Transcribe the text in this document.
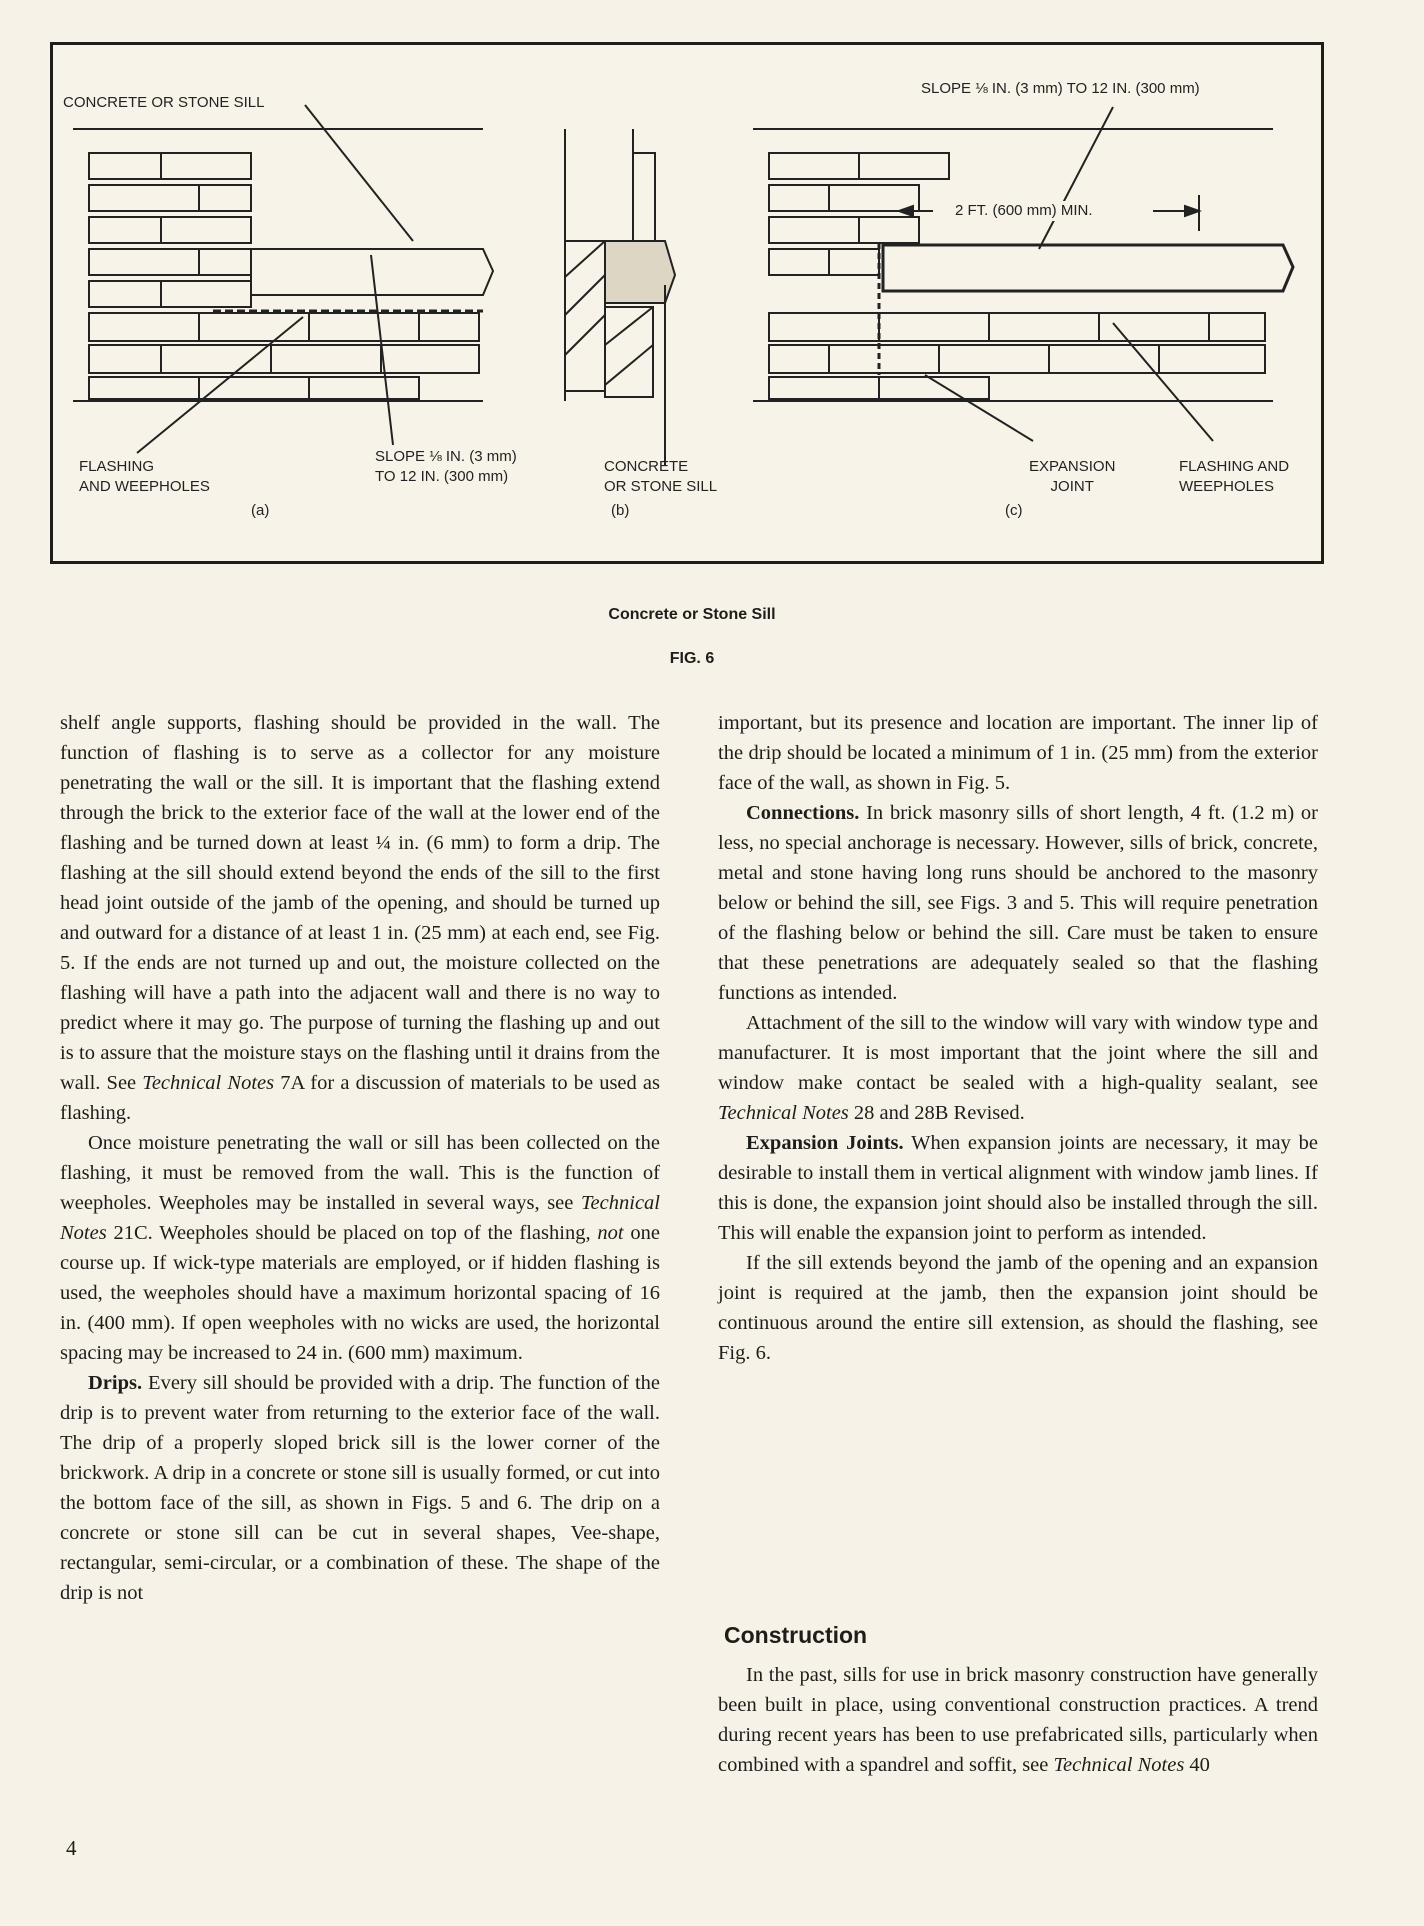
CONCRETE OR STONE SILL
FLASHING
AND WEEPHOLES
SLOPE ⅛ IN. (3 mm)
TO 12 IN. (300 mm)
CONCRETE
OR STONE SILL
SLOPE ⅛ IN. (3 mm) TO 12 IN. (300 mm)
2 FT. (600 mm) MIN.
EXPANSION
JOINT
FLASHING AND
WEEPHOLES
(a)	(b)	(c)
Concrete or Stone Sill
FIG. 6

shelf angle supports, flashing should be provided in the wall. The function of flashing is to serve as a collector for any moisture penetrating the wall or the sill. It is important that the flashing extend through the brick to the exterior face of the wall at the lower end of the flashing and be turned down at least ¼ in. (6 mm) to form a drip. The flashing at the sill should extend beyond the ends of the sill to the first head joint outside of the jamb of the opening, and should be turned up and outward for a distance of at least 1 in. (25 mm) at each end, see Fig. 5. If the ends are not turned up and out, the moisture collected on the flashing will have a path into the adjacent wall and there is no way to predict where it may go. The purpose of turning the flashing up and out is to assure that the moisture stays on the flashing until it drains from the wall. See Technical Notes 7A for a discussion of materials to be used as flashing.

Once moisture penetrating the wall or sill has been collected on the flashing, it must be removed from the wall. This is the function of weepholes. Weepholes may be installed in several ways, see Technical Notes 21C. Weepholes should be placed on top of the flashing, not one course up. If wick-type materials are employed, or if hidden flashing is used, the weepholes should have a maximum horizontal spacing of 16 in. (400 mm). If open weepholes with no wicks are used, the horizontal spacing may be increased to 24 in. (600 mm) maximum.

Drips. Every sill should be provided with a drip. The function of the drip is to prevent water from returning to the exterior face of the wall. The drip of a properly sloped brick sill is the lower corner of the brickwork. A drip in a concrete or stone sill is usually formed, or cut into the bottom face of the sill, as shown in Figs. 5 and 6. The drip on a concrete or stone sill can be cut in several shapes, Vee-shape, rectangular, semi-circular, or a combination of these. The shape of the drip is not

important, but its presence and location are important. The inner lip of the drip should be located a minimum of 1 in. (25 mm) from the exterior face of the wall, as shown in Fig. 5.

Connections. In brick masonry sills of short length, 4 ft. (1.2 m) or less, no special anchorage is necessary. However, sills of brick, concrete, metal and stone having long runs should be anchored to the masonry below or behind the sill, see Figs. 3 and 5. This will require penetration of the flashing below or behind the sill. Care must be taken to ensure that these penetrations are adequately sealed so that the flashing functions as intended.

Attachment of the sill to the window will vary with window type and manufacturer. It is most important that the joint where the sill and window make contact be sealed with a high-quality sealant, see Technical Notes 28 and 28B Revised.

Expansion Joints. When expansion joints are necessary, it may be desirable to install them in vertical alignment with window jamb lines. If this is done, the expansion joint should also be installed through the sill. This will enable the expansion joint to perform as intended.

If the sill extends beyond the jamb of the opening and an expansion joint is required at the jamb, then the expansion joint should be continuous around the entire sill extension, as should the flashing, see Fig. 6.

Construction

In the past, sills for use in brick masonry construction have generally been built in place, using conventional construction practices. A trend during recent years has been to use prefabricated sills, particularly when combined with a spandrel and soffit, see Technical Notes 40

4
